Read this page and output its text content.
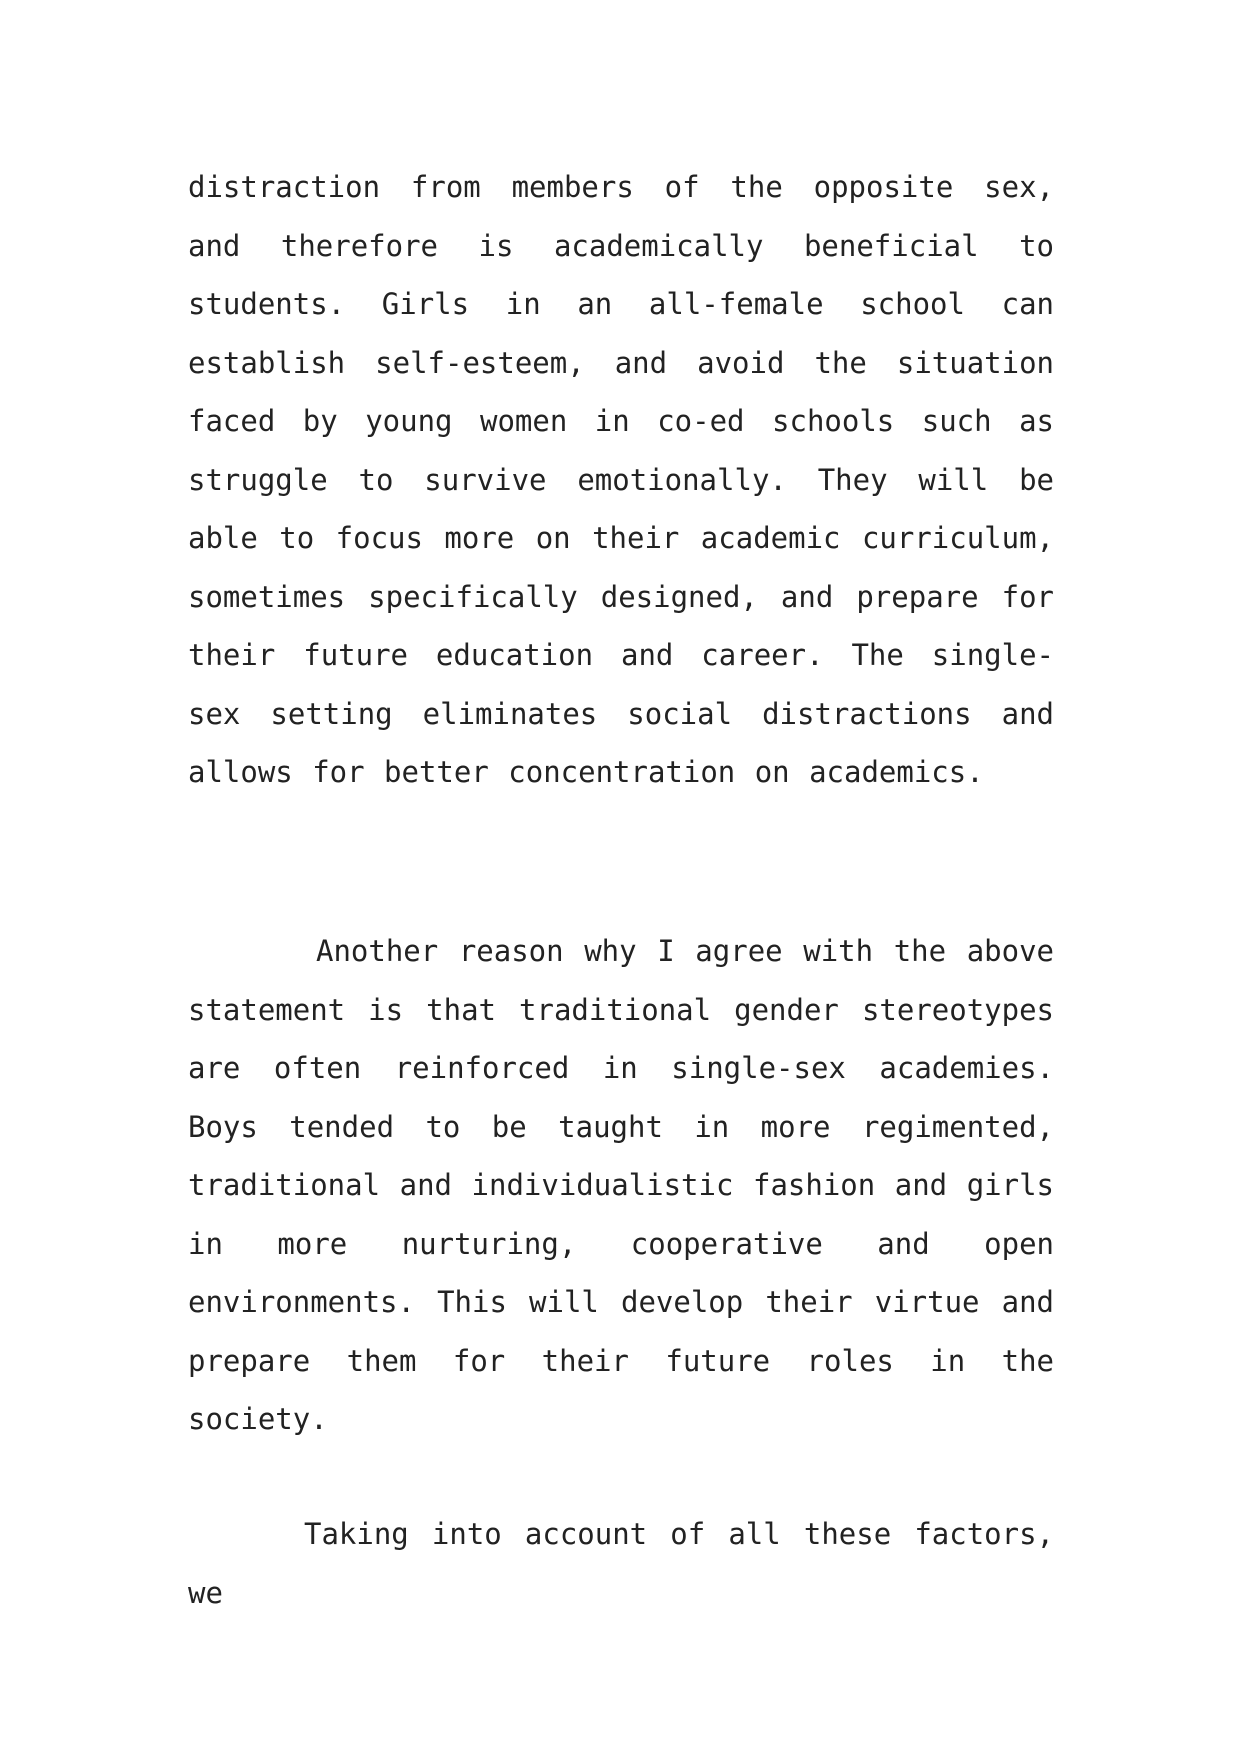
distraction from members of the opposite sex, and therefore is academically beneficial to students. Girls in an all-female school can establish self-esteem, and avoid the situation faced by young women in co-ed schools such as struggle to survive emotionally. They will be able to focus more on their academic curriculum, sometimes specifically designed, and prepare for their future education and career. The single-sex setting eliminates social distractions and allows for better concentration on academics.

Another reason why I agree with the above statement is that traditional gender stereotypes are often reinforced in single-sex academies. Boys tended to be taught in more regimented, traditional and individualistic fashion and girls in more nurturing, cooperative and open environments. This will develop their virtue and prepare them for their future roles in the society.

Taking into account of all these factors, we
